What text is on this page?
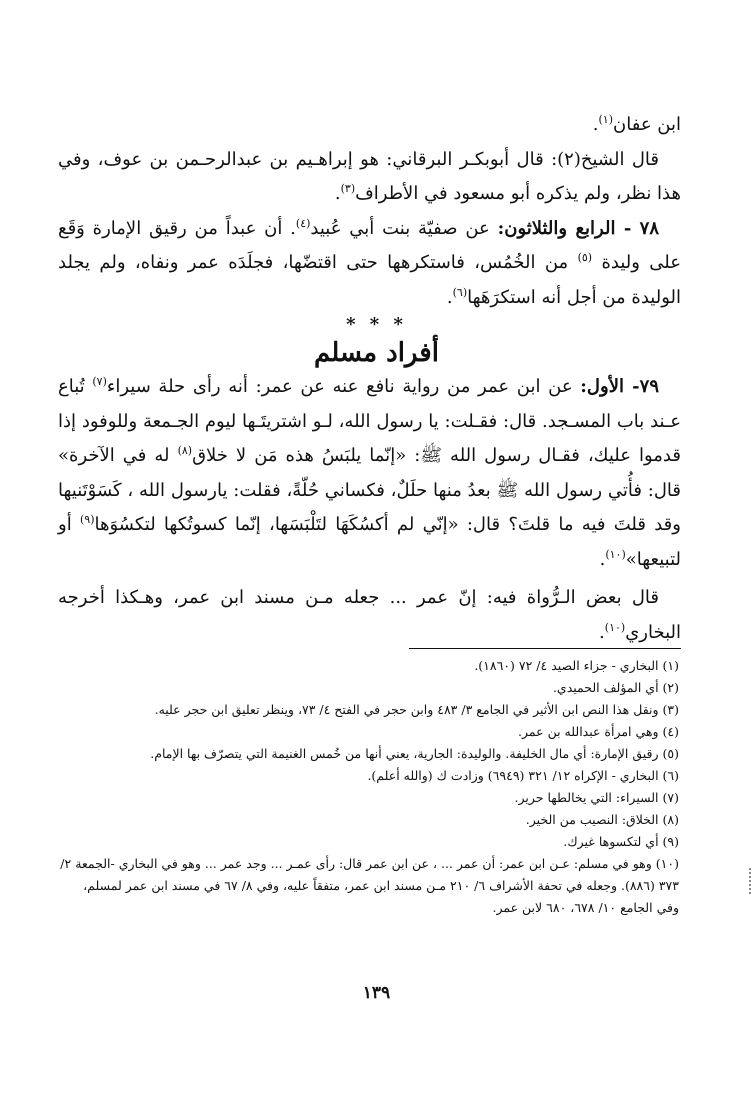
ابن عفان$^{(١)}$.

قال الشيخ(٢): قال أبوبكـر البرقاني: هو إبراهـيم بن عبدالرحـمن بن عوف، وفي هذا نظر، ولم يذكره أبو مسعود في الأطراف$^{(٣)}$.

٧٨ - الرابع والثلاثون: عن صفيّة بنت أبي عُبيد$^{(٤)}$. أن عبداً من رقيق الإمارة وَقَع على وليدة $^{(٥)}$ من الخُمُس، فاستكرهها حتى اقتضّها، فجلَدَه عمر ونفاه، ولم يجلد الوليدة من أجل أنه استكرَهَها$^{(٦)}$.

* * *
أفراد مسلم

٧٩- الأول: عن ابن عمر من رواية نافع عنه عن عمر: أنه رأى حلة سيراء$^{(٧)}$ تُباع عـند باب المسـجد. قال: فقـلت: يا رسول الله، لـو اشتريتَـها ليوم الجـمعة وللوفود إذا قدموا عليك، فقـال رسول الله ﷺ: «إنّما يلبَسُ هذه مَن لا خلاق$^{(٨)}$ له في الآخرة» قال: فأُتي رسول الله ﷺ بعدُ منها حلَلٌ، فكساني حُلّةً، فقلت: يارسول الله ، كَسَوْتَنيها وقد قلتَ فيه ما قلتَ؟ قال: «إنّي لم أكسُكَهَا لتَلْبَسَها، إنّما كسوتُكها لتكسُوَها$^{(٩)}$ أو لتبيعها»$^{(١٠)}$.

قال بعض الـرُّواة فيه: إنّ عمر ... جعله مـن مسند ابن عمر، وهـكذا أخرجه البخاري$^{(١٠)}$.

(١) البخاري - جزاء الصيد ٤/ ٧٢ (١٨٦٠).

(٢) أي المؤلف الحميدي.

(٣) ونقل هذا النص ابن الأثير في الجامع ٣/ ٤٨٣ وابن حجر في الفتح ٤/ ٧٣، وينظر تعليق ابن حجر عليه.

(٤) وهي امرأة عبدالله بن عمر.

(٥) رقيق الإمارة: أي مال الخليفة. والوليدة: الجارية، يعني أنها من خُمس الغنيمة التي يتصرّف بها الإمام.

(٦) البخاري - الإكراه ١٢/ ٣٢١ (٦٩٤٩) وزادت ك (والله أعلم).

(٧) السيراء: التي يخالطها حرير.

(٨) الخلاق: النصيب من الخير.

(٩) أي لتكسوها غيرك.

(١٠) وهو في مسلم: عـن ابن عمر: أن عمر ... ، عن ابن عمر قال: رأى عمـر ... وجد عمر ... وهو في البخاري -الجمعة ٢/ ٣٧٣ (٨٨٦). وجعله في تحفة الأشراف ٦/ ٢١٠ مـن مسند ابن عمر، متفقاً عليه، وفي ٨/ ٦٧ في مسند ابن عمر لمسلم، وفي الجامع ١٠/ ٦٧٨، ٦٨٠ لابن عمر.

١٣٩
